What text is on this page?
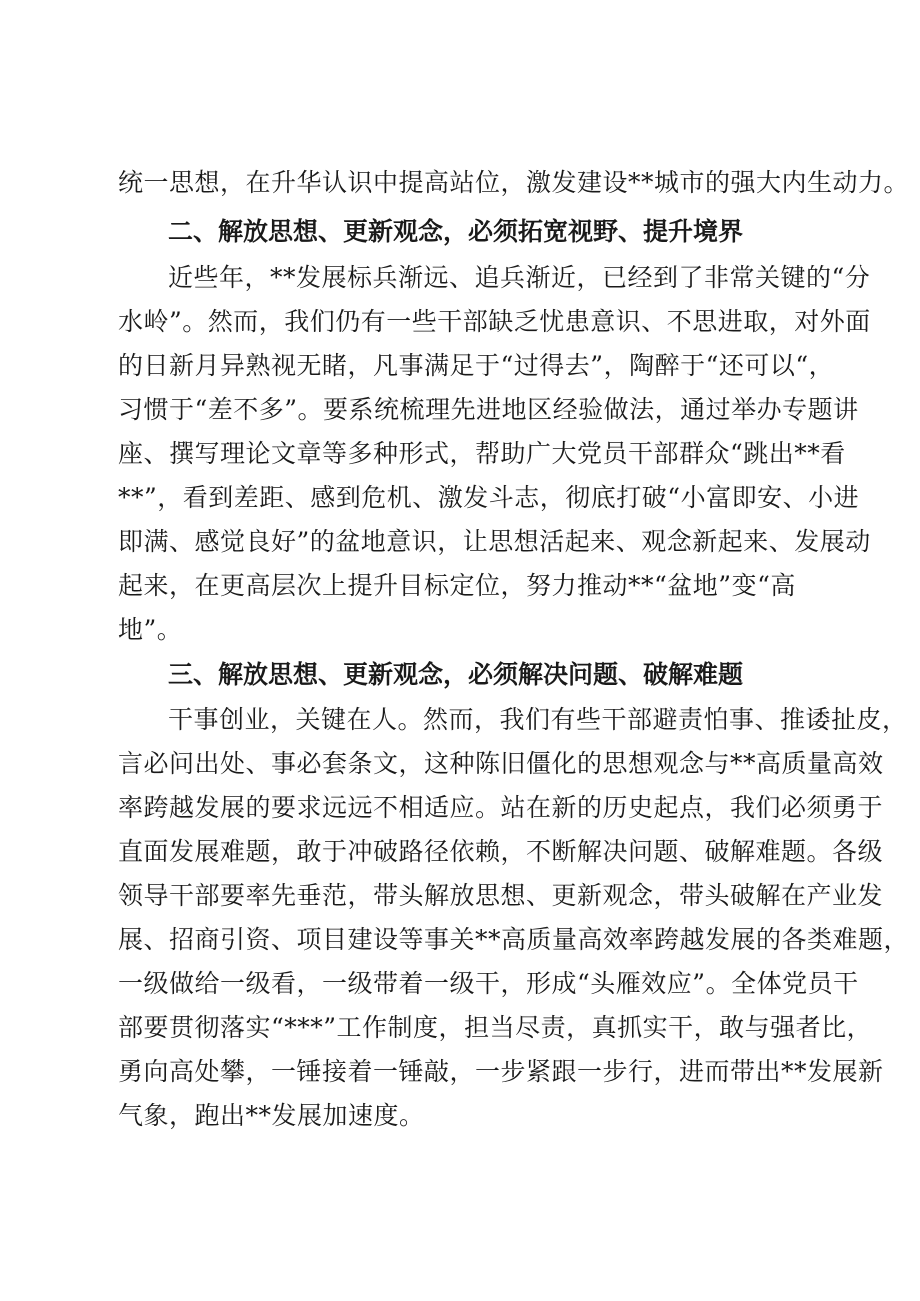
统一思想，在升华认识中提高站位，激发建设**城市的强大内生动力。
二、解放思想、更新观念，必须拓宽视野、提升境界
近些年，**发展标兵渐远、追兵渐近，已经到了非常关键的“分
水岭”。然而，我们仍有一些干部缺乏忧患意识、不思进取，对外面
的日新月异熟视无睹，凡事满足于“过得去”，陶醉于“还可以“，
习惯于“差不多”。要系统梳理先进地区经验做法，通过举办专题讲
座、撰写理论文章等多种形式，帮助广大党员干部群众“跳出**看
**”，看到差距、感到危机、激发斗志，彻底打破“小富即安、小进
即满、感觉良好”的盆地意识，让思想活起来、观念新起来、发展动
起来，在更高层次上提升目标定位，努力推动**“盆地”变“高
地”。
三、解放思想、更新观念，必须解决问题、破解难题
干事创业，关键在人。然而，我们有些干部避责怕事、推诿扯皮，
言必问出处、事必套条文，这种陈旧僵化的思想观念与**高质量高效
率跨越发展的要求远远不相适应。站在新的历史起点，我们必须勇于
直面发展难题，敢于冲破路径依赖，不断解决问题、破解难题。各级
领导干部要率先垂范，带头解放思想、更新观念，带头破解在产业发
展、招商引资、项目建设等事关**高质量高效率跨越发展的各类难题，
一级做给一级看，一级带着一级干，形成“头雁效应”。全体党员干
部要贯彻落实“***”工作制度，担当尽责，真抓实干，敢与强者比，
勇向高处攀，一锤接着一锤敲，一步紧跟一步行，进而带出**发展新
气象，跑出**发展加速度。
